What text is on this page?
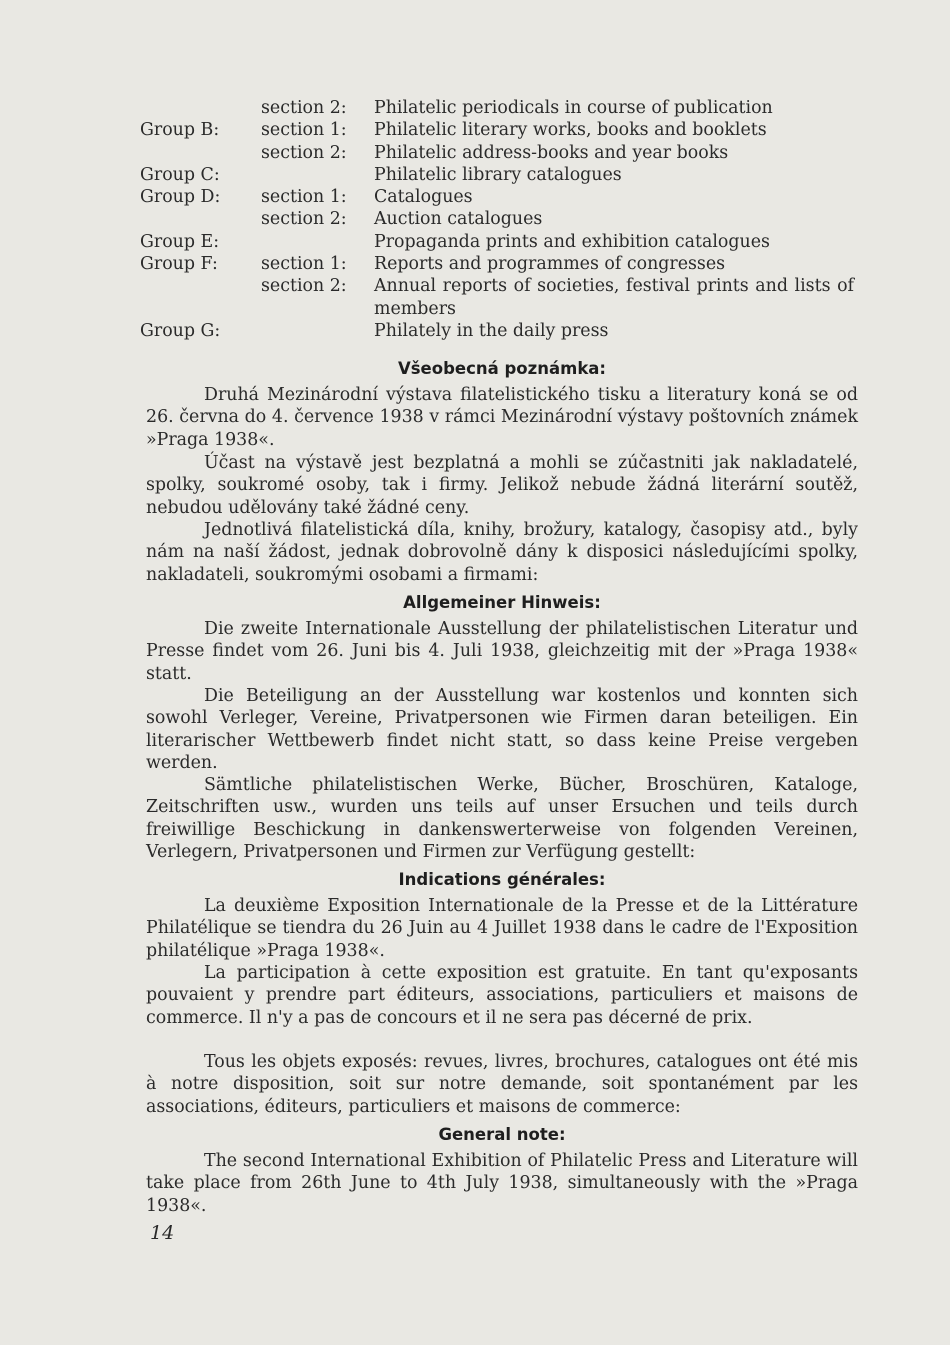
section 2: Philatelic periodicals in course of publication
Group B: section 1: Philatelic literary works, books and booklets
section 2: Philatelic address-books and year books
Group C:	Philatelic library catalogues
Group D: section 1: Catalogues
section 2: Auction catalogues
Group E:	Propaganda prints and exhibition catalogues
Group F: section 1: Reports and programmes of congresses
section 2: Annual reports of societies, festival prints and lists of members
Group G:	Philately in the daily press
Všeobecná poznámka:
Druhá Mezinárodní výstava filatelistického tisku a literatury koná se od 26. června do 4. července 1938 v rámci Mezinárodní výstavy poštovních známek »Praga 1938«.
Účast na výstavě jest bezplatná a mohli se zúčastniti jak nakladatelé, spolky, soukromé osoby, tak i firmy. Jelikož nebude žádná literární soutěž, nebudou udělovány také žádné ceny.
Jednotlivá filatelistická díla, knihy, brožury, katalogy, časopisy atd., byly nám na naší žádost, jednak dobrovolně dány k disposici následujícími spolky, nakladateli, soukromými osobami a firmami:
Allgemeiner Hinweis:
Die zweite Internationale Ausstellung der philatelistischen Literatur und Presse findet vom 26. Juni bis 4. Juli 1938, gleichzeitig mit der »Praga 1938« statt.
Die Beteiligung an der Ausstellung war kostenlos und konnten sich sowohl Verleger, Vereine, Privatpersonen wie Firmen daran beteiligen. Ein literarischer Wettbewerb findet nicht statt, so dass keine Preise vergeben werden.
Sämtliche philatelistischen Werke, Bücher, Broschüren, Kataloge, Zeitschriften usw., wurden uns teils auf unser Ersuchen und teils durch freiwillige Beschickung in dankenswerterweise von folgenden Vereinen, Verlegern, Privatpersonen und Firmen zur Verfügung gestellt:
Indications générales:
La deuxième Exposition Internationale de la Presse et de la Littérature Philatélique se tiendra du 26 Juin au 4 Juillet 1938 dans le cadre de l'Exposition philatélique »Praga 1938«.
La participation à cette exposition est gratuite. En tant qu'exposants pouvaient y prendre part éditeurs, associations, particuliers et maisons de commerce. Il n'y a pas de concours et il ne sera pas décerné de prix.
Tous les objets exposés: revues, livres, brochures, catalogues ont été mis à notre disposition, soit sur notre demande, soit spontanément par les associations, éditeurs, particuliers et maisons de commerce:
General note:
The second International Exhibition of Philatelic Press and Literature will take place from 26th June to 4th July 1938, simultaneously with the »Praga 1938«.
14
